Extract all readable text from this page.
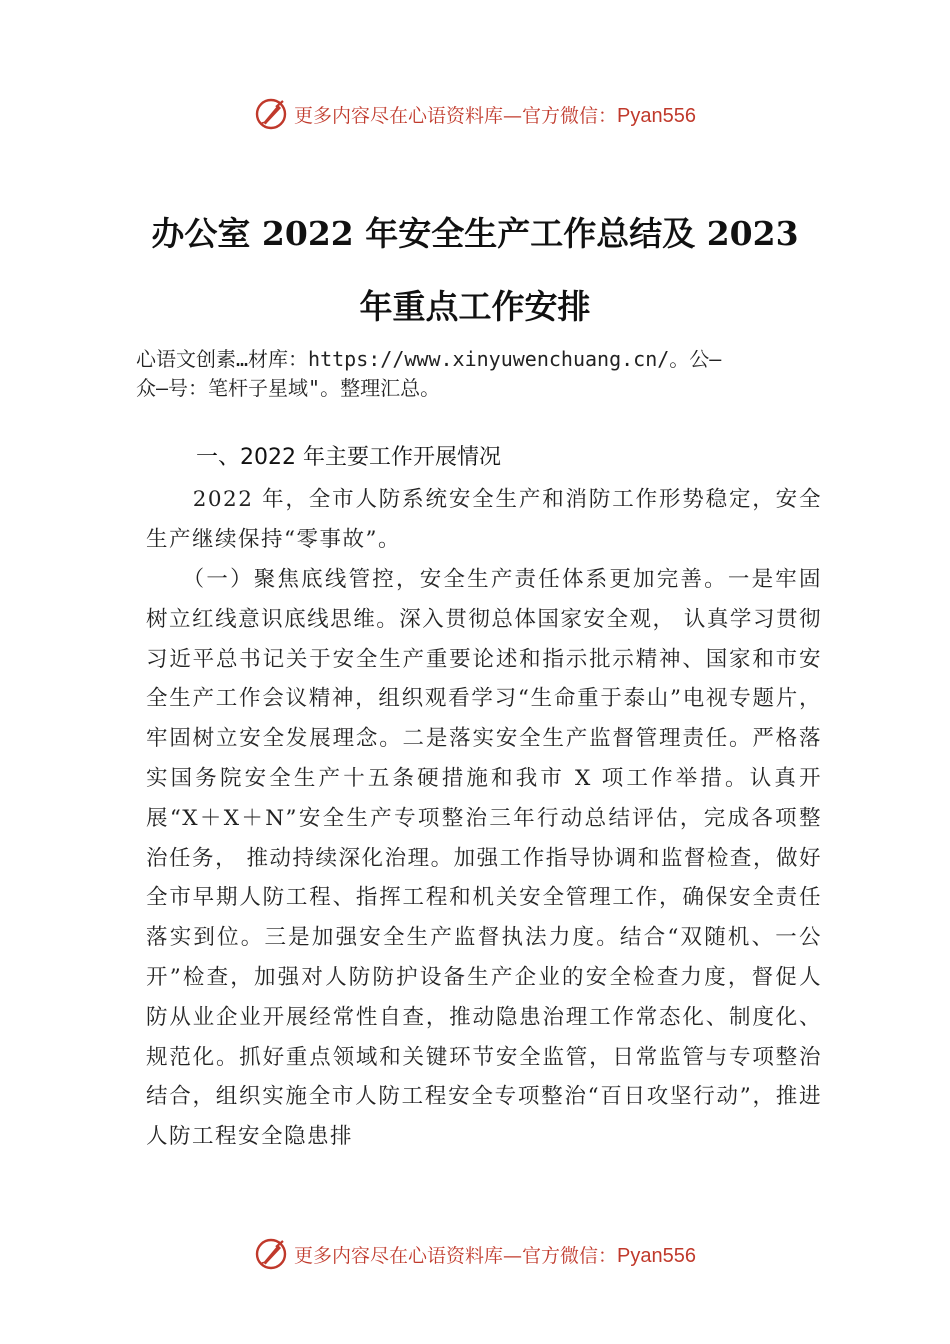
更多内容尽在心语资料库—官方微信：Pyan556
办公室 2022 年安全生产工作总结及 2023
年重点工作安排
心语文创素…材库：https://www.xinyuwenchuang.cn/。公—
众—号：笔杆子星域"。整理汇总。
一、2022 年主要工作开展情况

　　2022 年，全市人防系统安全生产和消防工作形势稳定，安全生产继续保持“零事故”。

　　（一）聚焦底线管控，安全生产责任体系更加完善。一是牢固树立红线意识底线思维。深入贯彻总体国家安全观， 认真学习贯彻习近平总书记关于安全生产重要论述和指示批示精神、国家和市安全生产工作会议精神，组织观看学习“生命重于泰山”电视专题片，牢固树立安全发展理念。二是落实安全生产监督管理责任。严格落实国务院安全生产十五条硬措施和我市 X 项工作举措。认真开展“X＋X＋N”安全生产专项整治三年行动总结评估，完成各项整治任务， 推动持续深化治理。加强工作指导协调和监督检查，做好全市早期人防工程、指挥工程和机关安全管理工作，确保安全责任落实到位。三是加强安全生产监督执法力度。结合“双随机、一公开”检查，加强对人防防护设备生产企业的安全检查力度，督促人防从业企业开展经常性自查，推动隐患治理工作常态化、制度化、规范化。抓好重点领域和关键环节安全监管，日常监管与专项整治结合，组织实施全市人防工程安全专项整治“百日攻坚行动”，推进人防工程安全隐患排

更多内容尽在心语资料库—官方微信：Pyan556
